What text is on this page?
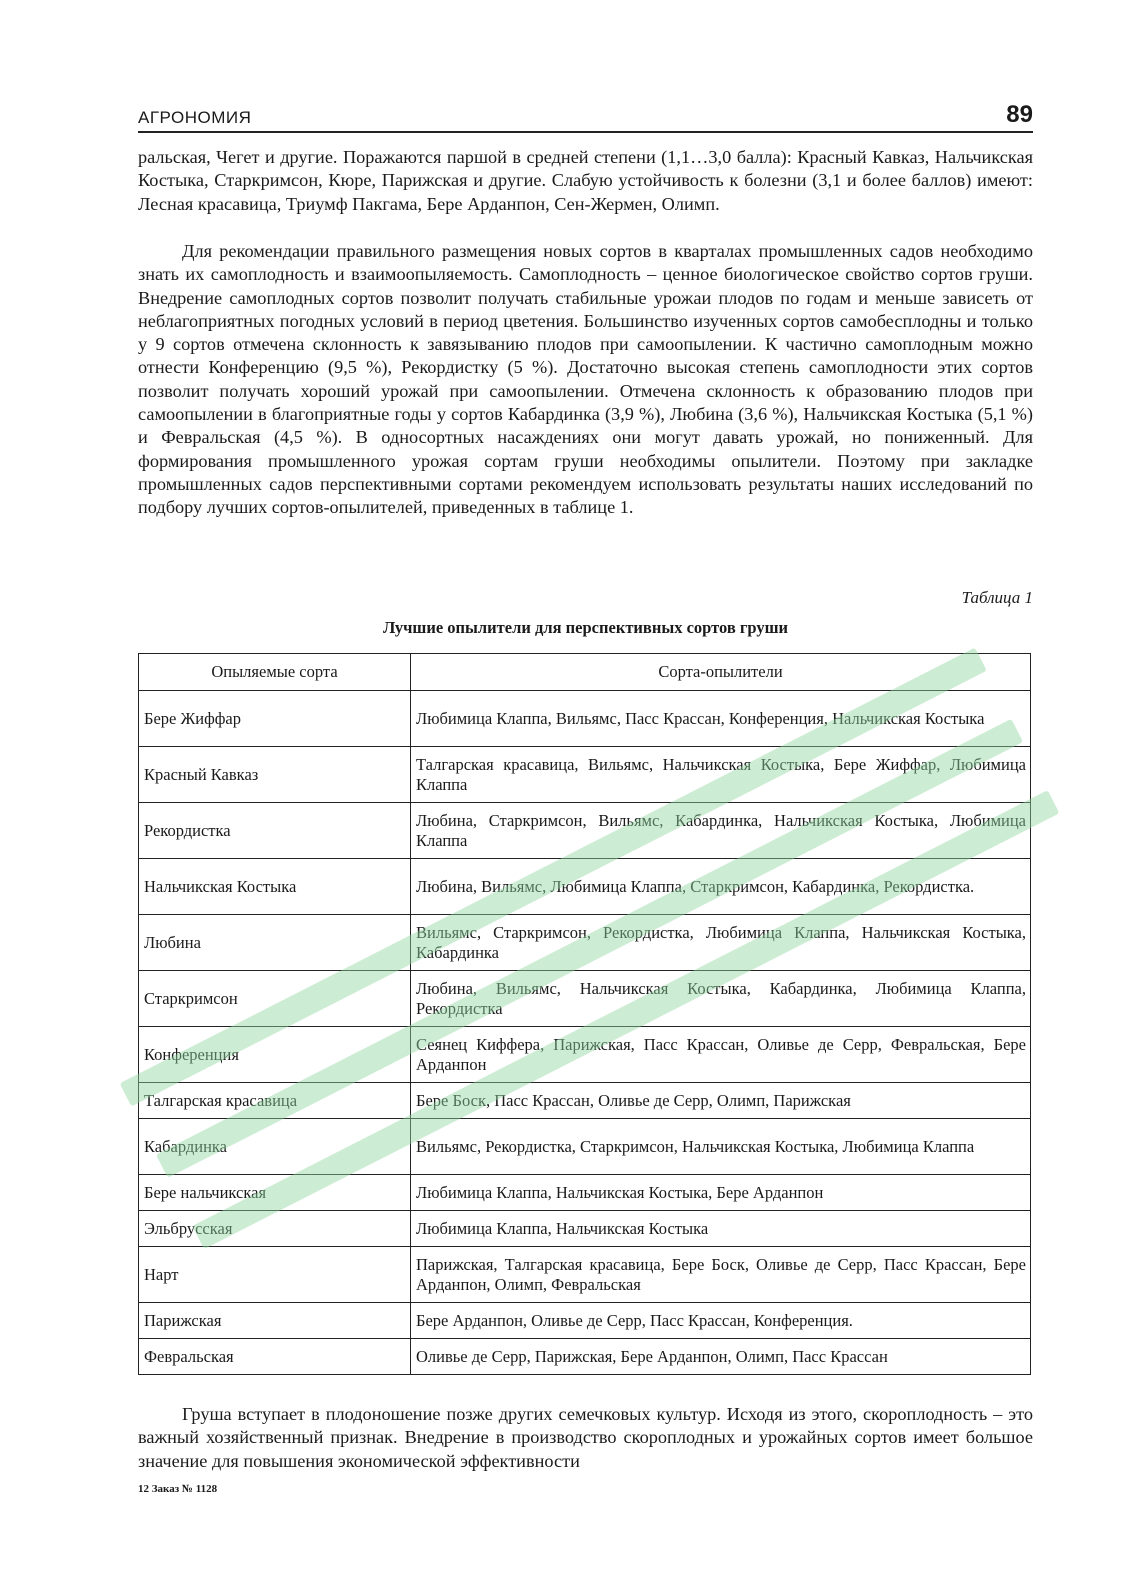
АГРОНОМИЯ	89

ральская, Чегет и другие. Поражаются паршой в средней степени (1,1…3,0 балла): Красный Кавказ, Нальчикская Костыка, Старкримсон, Кюре, Парижская и другие. Слабую устойчивость к болезни (3,1 и более баллов) имеют: Лесная красавица, Триумф Пакгама, Бере Арданпон, Сен-Жермен, Олимп.

Для рекомендации правильного размещения новых сортов в кварталах промышленных садов необходимо знать их самоплодность и взаимоопыляемость. Самоплодность – ценное биологическое свойство сортов груши. Внедрение самоплодных сортов позволит получать стабильные урожаи плодов по годам и меньше зависеть от неблагоприятных погодных условий в период цветения. Большинство изученных сортов самобесплодны и только у 9 сортов отмечена склонность к завязыванию плодов при самоопылении. К частично самоплодным можно отнести Конференцию (9,5 %), Рекордистку (5 %). Достаточно высокая степень самоплодности этих сортов позволит получать хороший урожай при самоопылении. Отмечена склонность к образованию плодов при самоопылении в благоприятные годы у сортов Кабардинка (3,9 %), Любина (3,6 %), Нальчикская Костыка (5,1 %) и Февральская (4,5 %). В односортных насаждениях они могут давать урожай, но пониженный. Для формирования промышленного урожая сортам груши необходимы опылители. Поэтому при закладке промышленных садов перспективными сортами рекомендуем использовать результаты наших исследований по подбору лучших сортов-опылителей, приведенных в таблице 1.

Таблица 1
Лучшие опылители для перспективных сортов груши
Опыляемые сорта	Сорта-опылители
Бере Жиффар	Любимица Клаппа, Вильямс, Пасс Крассан, Конференция, Нальчикская Костыка
Красный Кавказ	Талгарская красавица, Вильямс, Нальчикская Костыка, Бере Жиффар, Любимица Клаппа
Рекордистка	Любина, Старкримсон, Вильямс, Кабардинка, Нальчикская Костыка, Любимица Клаппа
Нальчикская Костыка	Любина, Вильямс, Любимица Клаппа, Старкримсон, Кабардинка, Рекордистка.
Любина	Вильямс, Старкримсон, Рекордистка, Любимица Клаппа, Нальчикская Костыка, Кабардинка
Старкримсон	Любина, Вильямс, Нальчикская Костыка, Кабардинка, Любимица Клаппа, Рекордистка
Конференция	Сеянец Киффера, Парижская, Пасс Крассан, Оливье де Серр, Февральская, Бере Арданпон
Талгарская красавица	Бере Боск, Пасс Крассан, Оливье де Серр, Олимп, Парижская
Кабардинка	Вильямс, Рекордистка, Старкримсон, Нальчикская Костыка, Любимица Клаппа
Бере нальчикская	Любимица Клаппа, Нальчикская Костыка, Бере Арданпон
Эльбрусская	Любимица Клаппа, Нальчикская Костыка
Нарт	Парижская, Талгарская красавица, Бере Боск, Оливье де Серр, Пасс Крассан, Бере Арданпон, Олимп, Февральская
Парижская	Бере Арданпон, Оливье де Серр, Пасс Крассан, Конференция.
Февральская	Оливье де Серр, Парижская, Бере Арданпон, Олимп, Пасс Крассан

Груша вступает в плодоношение позже других семечковых культур. Исходя из этого, скороплодность – это важный хозяйственный признак. Внедрение в производство скороплодных и урожайных сортов имеет большое значение для повышения экономической эффективности

12 Заказ № 1128
